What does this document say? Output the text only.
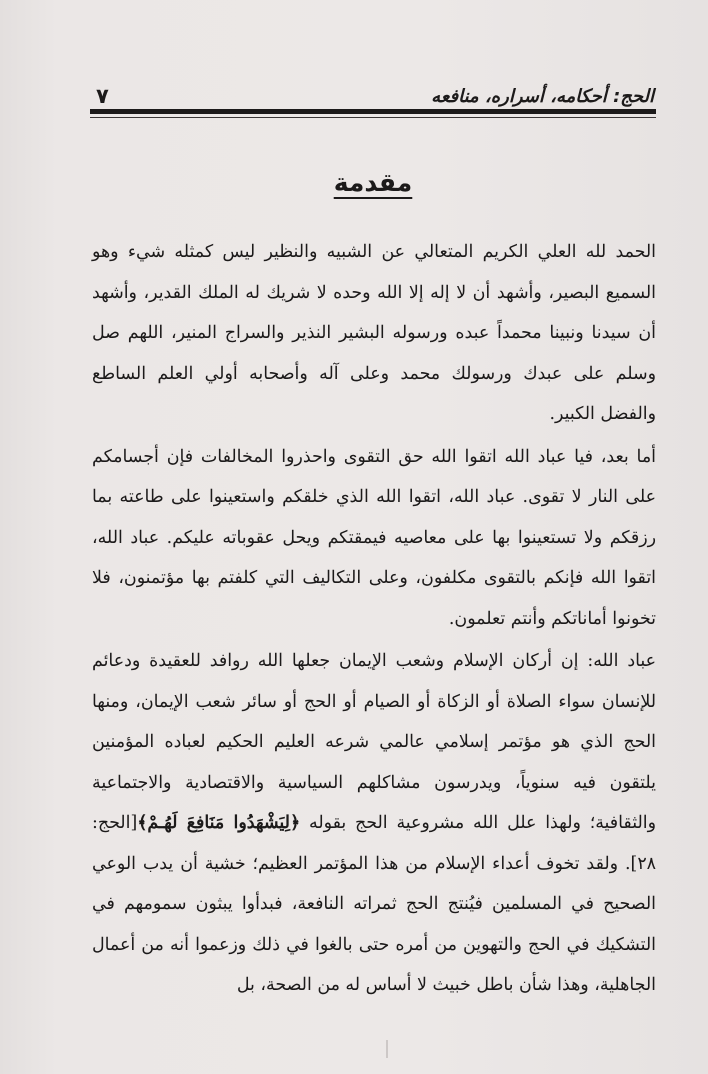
الحج: أحكامه، أسراره، منافعه
٧
مقدمة

الحمد لله العلي الكريم المتعالي عن الشبيه والنظير ليس كمثله شيء وهو السميع البصير، وأشهد أن لا إله إلا الله وحده لا شريك له الملك القدير، وأشهد أن سيدنا ونبينا محمداً عبده ورسوله البشير النذير والسراج المنير، اللهم صل وسلم على عبدك ورسولك محمد وعلى آله وأصحابه أولي العلم الساطع والفضل الكبير.

أما بعد، فيا عباد الله اتقوا الله حق التقوى واحذروا المخالفات فإن أجسامكم على النار لا تقوى. عباد الله، اتقوا الله الذي خلقكم واستعينوا على طاعته بما رزقكم ولا تستعينوا بها على معاصيه فيمقتكم ويحل عقوباته عليكم. عباد الله، اتقوا الله فإنكم بالتقوى مكلفون، وعلى التكاليف التي كلفتم بها مؤتمنون، فلا تخونوا أماناتكم وأنتم تعلمون.

عباد الله: إن أركان الإسلام وشعب الإيمان جعلها الله روافد للعقيدة ودعائم للإنسان سواء الصلاة أو الزكاة أو الصيام أو الحج أو سائر شعب الإيمان، ومنها الحج الذي هو مؤتمر إسلامي عالمي شرعه العليم الحكيم لعباده المؤمنين يلتقون فيه سنوياً، ويدرسون مشاكلهم السياسية والاقتصادية والاجتماعية والثقافية؛ ولهذا علل الله مشروعية الحج بقوله ﴿لِيَشْهَدُوا مَنَافِعَ لَهُـمْ﴾[الحج: ٢٨]. ولقد تخوف أعداء الإسلام من هذا المؤتمر العظيم؛ خشية أن يدب الوعي الصحيح في المسلمين فيُنتج الحج ثمراته النافعة، فبدأوا يبثون سمومهم في التشكيك في الحج والتهوين من أمره حتى بالغوا في ذلك وزعموا أنه من أعمال الجاهلية، وهذا شأن باطل خبيث لا أساس له من الصحة، بل
